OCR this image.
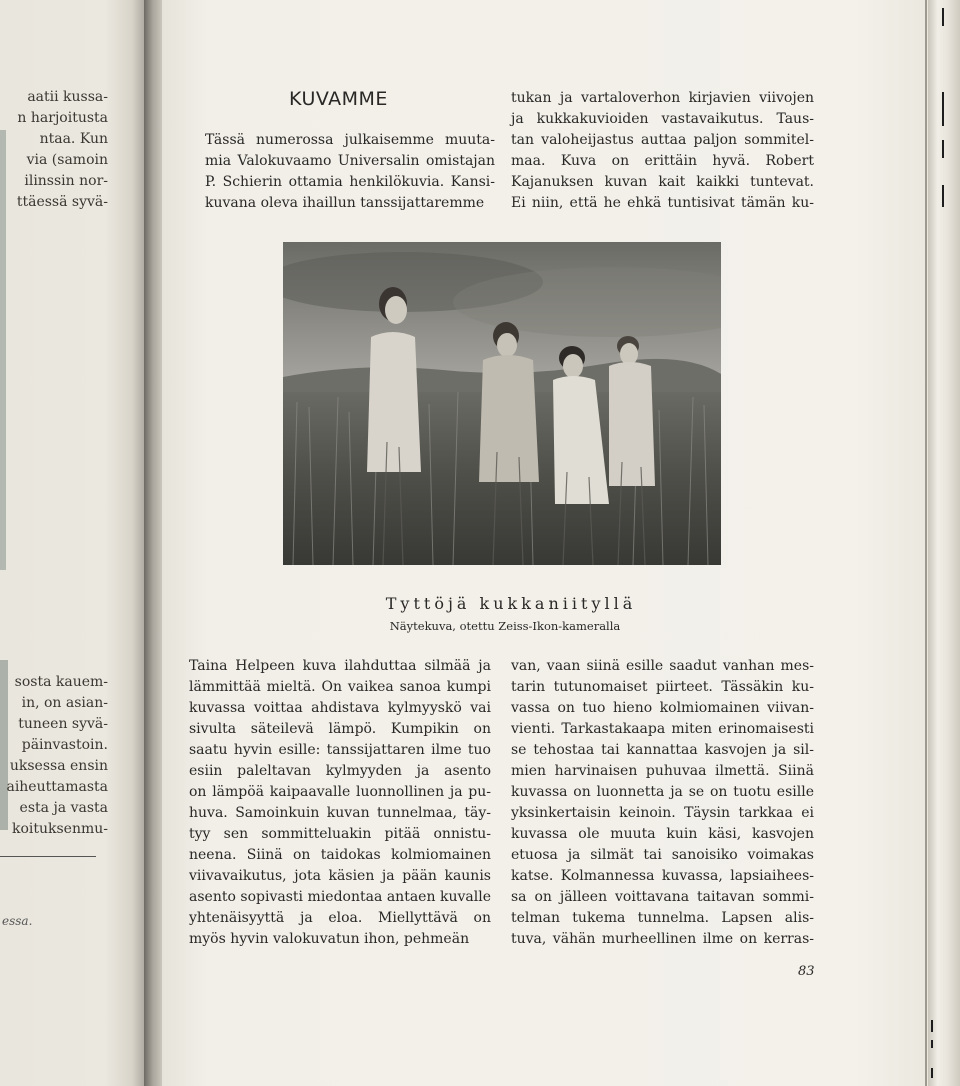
aatii kussa-
n harjoitusta
ntaa. Kun
via (samoin
ilinssin nor-
ttäessä syvä-
sosta kauem-
in, on asian-
tuneen syvä-
päinvastoin.
uksessa ensin
aiheuttamasta
esta ja vasta
koituksenmu-
essa.
KUVAMME
Tässä numerossa julkaisemme muuta-
mia Valokuvaamo Universalin omistajan
P. Schierin ottamia henkilökuvia. Kansi-
kuvana oleva ihaillun tanssijattaremme
tukan ja vartaloverhon kirjavien viivojen
ja kukkakuvioiden vastavaikutus. Taus-
tan valoheijastus auttaa paljon sommitel-
maa. Kuva on erittäin hyvä. Robert
Kajanuksen kuvan kait kaikki tuntevat.
Ei niin, että he ehkä tuntisivat tämän ku-
Tyttöjä kukkaniityllä
Näytekuva, otettu Zeiss-Ikon-kameralla
Taina Helpeen kuva ilahduttaa silmää ja
lämmittää mieltä. On vaikea sanoa kumpi
kuvassa voittaa ahdistava kylmyyskö vai
sivulta säteilevä lämpö. Kumpikin on
saatu hyvin esille: tanssijattaren ilme tuo
esiin paleltavan kylmyyden ja asento
on lämpöä kaipaavalle luonnollinen ja pu-
huva. Samoinkuin kuvan tunnelmaa, täy-
tyy sen sommitteluakin pitää onnistu-
neena. Siinä on taidokas kolmiomainen
viivavaikutus, jota käsien ja pään kaunis
asento sopivasti miedontaa antaen kuvalle
yhtenäisyyttä ja eloa. Miellyttävä on
myös hyvin valokuvatun ihon, pehmeän
van, vaan siinä esille saadut vanhan mes-
tarin tutunomaiset piirteet. Tässäkin ku-
vassa on tuo hieno kolmiomainen viivan-
vienti. Tarkastakaapa miten erinomaisesti
se tehostaa tai kannattaa kasvojen ja sil-
mien harvinaisen puhuvaa ilmettä. Siinä
kuvassa on luonnetta ja se on tuotu esille
yksinkertaisin keinoin. Täysin tarkkaa ei
kuvassa ole muuta kuin käsi, kasvojen
etuosa ja silmät tai sanoisiko voimakas
katse. Kolmannessa kuvassa, lapsiaihees-
sa on jälleen voittavana taitavan sommi-
telman tukema tunnelma. Lapsen alis-
tuva, vähän murheellinen ilme on kerras-
83
